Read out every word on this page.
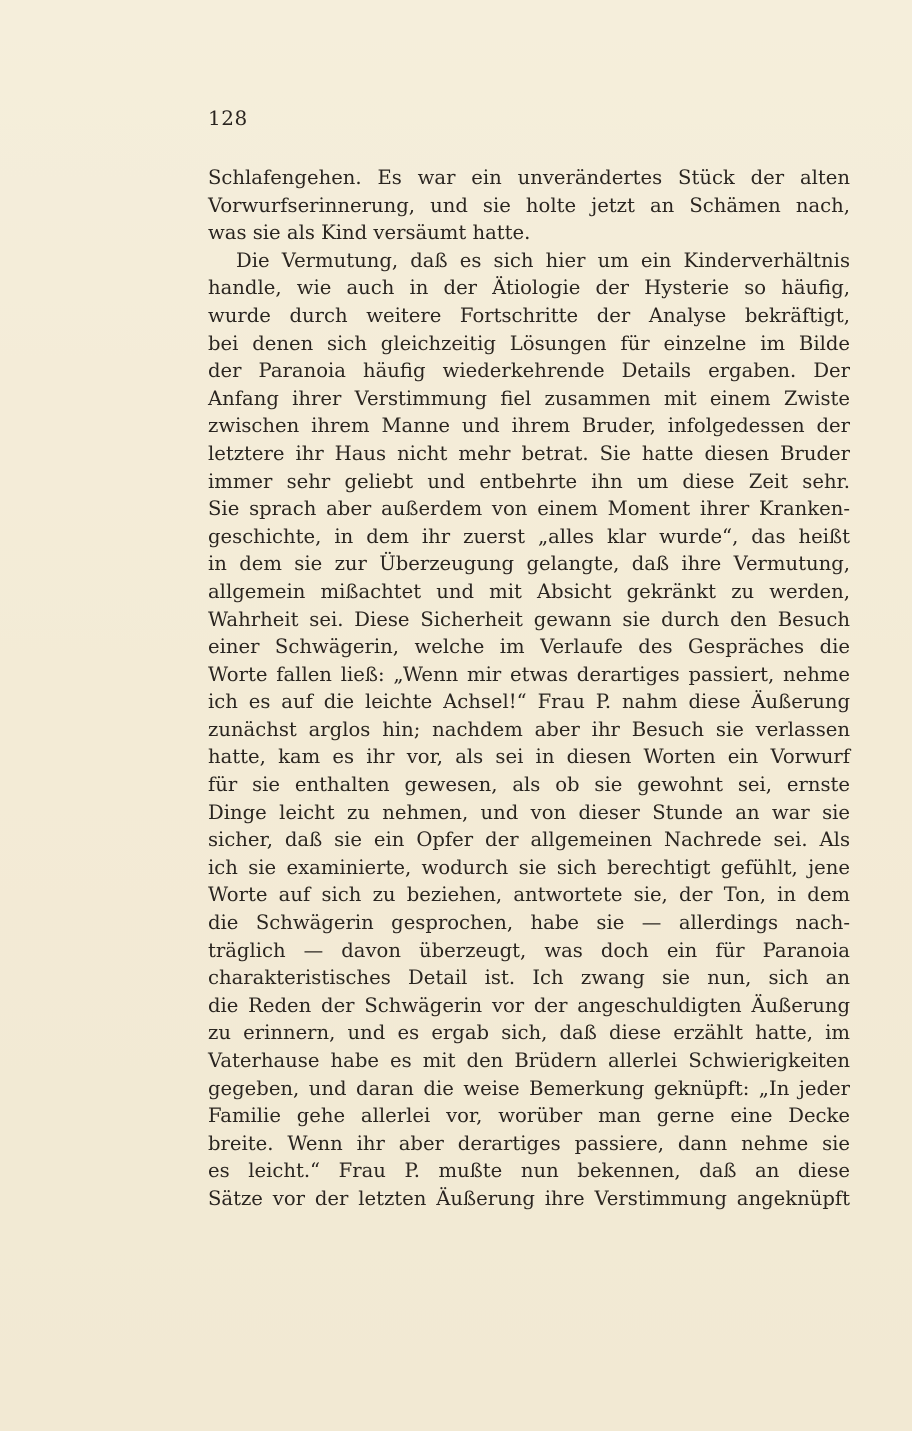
128
Schlafengehen. Es war ein unverändertes Stück der alten
Vorwurfserinnerung, und sie holte jetzt an Schämen nach,
was sie als Kind versäumt hatte.
Die Vermutung, daß es sich hier um ein Kinderverhältnis
handle, wie auch in der Ätiologie der Hysterie so häufig,
wurde durch weitere Fortschritte der Analyse bekräftigt,
bei denen sich gleichzeitig Lösungen für einzelne im Bilde
der Paranoia häufig wiederkehrende Details ergaben. Der
Anfang ihrer Verstimmung fiel zusammen mit einem Zwiste
zwischen ihrem Manne und ihrem Bruder, infolgedessen der
letztere ihr Haus nicht mehr betrat. Sie hatte diesen Bruder
immer sehr geliebt und entbehrte ihn um diese Zeit sehr.
Sie sprach aber außerdem von einem Moment ihrer Kranken-
geschichte, in dem ihr zuerst „alles klar wurde“, das heißt
in dem sie zur Überzeugung gelangte, daß ihre Vermutung,
allgemein mißachtet und mit Absicht gekränkt zu werden,
Wahrheit sei. Diese Sicherheit gewann sie durch den Besuch
einer Schwägerin, welche im Verlaufe des Gespräches die
Worte fallen ließ: „Wenn mir etwas derartiges passiert, nehme
ich es auf die leichte Achsel!“ Frau P. nahm diese Äußerung
zunächst arglos hin; nachdem aber ihr Besuch sie verlassen
hatte, kam es ihr vor, als sei in diesen Worten ein Vorwurf
für sie enthalten gewesen, als ob sie gewohnt sei, ernste
Dinge leicht zu nehmen, und von dieser Stunde an war sie
sicher, daß sie ein Opfer der allgemeinen Nachrede sei. Als
ich sie examinierte, wodurch sie sich berechtigt gefühlt, jene
Worte auf sich zu beziehen, antwortete sie, der Ton, in dem
die Schwägerin gesprochen, habe sie — allerdings nach-
träglich — davon überzeugt, was doch ein für Paranoia
charakteristisches Detail ist. Ich zwang sie nun, sich an
die Reden der Schwägerin vor der angeschuldigten Äußerung
zu erinnern, und es ergab sich, daß diese erzählt hatte, im
Vaterhause habe es mit den Brüdern allerlei Schwierigkeiten
gegeben, und daran die weise Bemerkung geknüpft: „In jeder
Familie gehe allerlei vor, worüber man gerne eine Decke
breite. Wenn ihr aber derartiges passiere, dann nehme sie
es leicht.“ Frau P. mußte nun bekennen, daß an diese
Sätze vor der letzten Äußerung ihre Verstimmung angeknüpft
